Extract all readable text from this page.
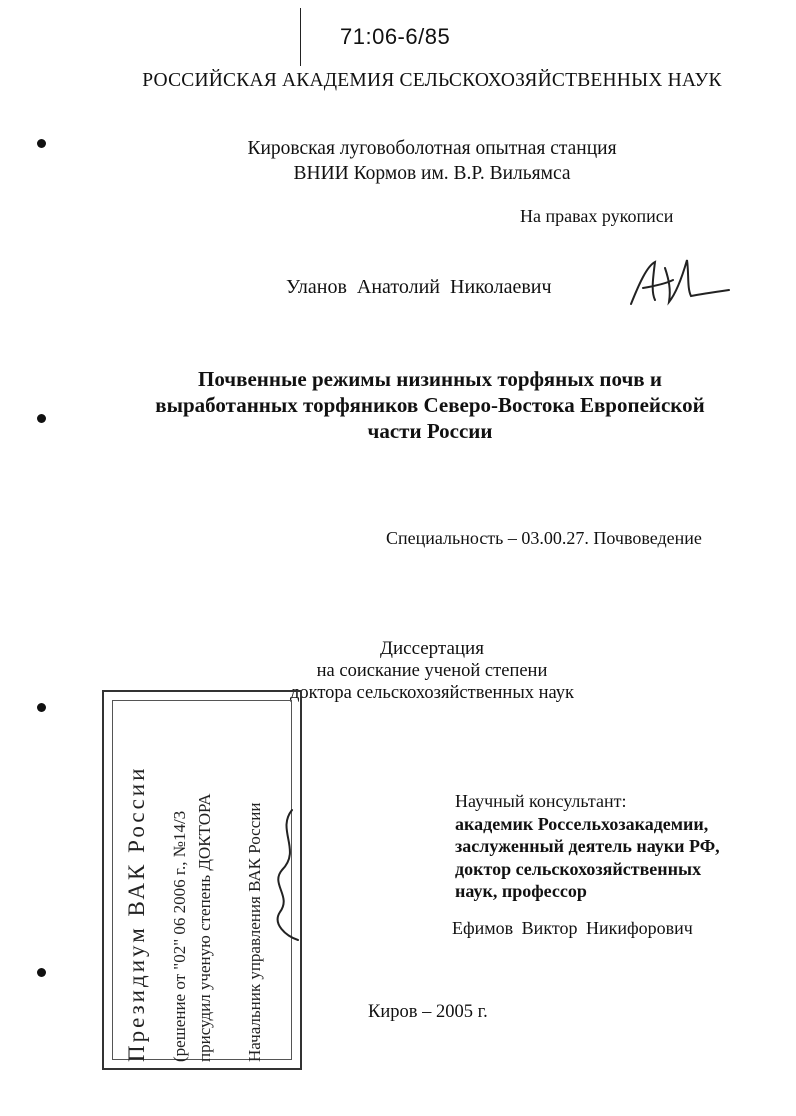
71:06-6/85
РОССИЙСКАЯ АКАДЕМИЯ СЕЛЬСКОХОЗЯЙСТВЕННЫХ НАУК
Кировская луговоболотная опытная станция
ВНИИ Кормов им. В.Р. Вильямса
На правах рукописи
Уланов Анатолий Николаевич
Почвенные режимы низинных торфяных почв и
выработанных торфяников Северо-Востока Европейской
части России
Специальность – 03.00.27. Почвоведение
Диссертация
на соискание ученой степени
доктора сельскохозяйственных наук
Научный консультант:
академик Россельхозакадемии,
заслуженный деятель науки РФ,
доктор сельскохозяйственных
наук, профессор
Ефимов Виктор Никифорович
Киров – 2005 г.
Президиум ВАК России (решение от "02" 06 2006 г., №14/3 присудил ученую степень ДОКТОРА Начальник управления ВАК России
